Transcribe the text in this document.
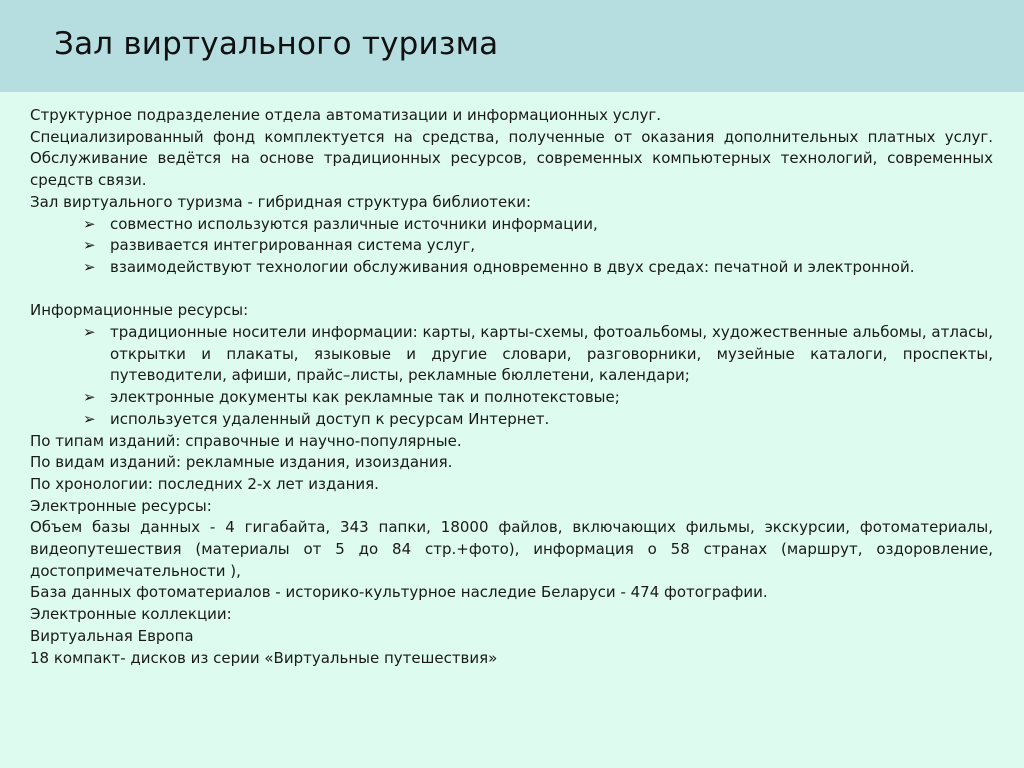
Зал виртуального туризма

Структурное подразделение отдела автоматизации и информационных услуг.

Специализированный фонд комплектуется на средства, полученные от оказания дополнительных платных услуг. Обслуживание ведётся на основе традиционных ресурсов, современных компьютерных технологий, современных средств связи.

Зал виртуального туризма - гибридная структура библиотеки:

➢ совместно используются различные источники информации,
➢ развивается интегрированная система услуг,
➢ взаимодействуют технологии обслуживания одновременно в двух средах: печатной и электронной.

Информационные ресурсы:

➢ традиционные носители информации: карты, карты-схемы, фотоальбомы, художественные альбомы, атласы, открытки и плакаты, языковые и другие словари, разговорники, музейные каталоги, проспекты, путеводители, афиши, прайс–листы, рекламные бюллетени, календари;
➢ электронные документы как рекламные так и полнотекстовые;
➢ используется удаленный доступ к ресурсам Интернет.

По типам изданий: справочные и научно-популярные.

По видам изданий: рекламные издания, изоиздания.

По хронологии: последних 2-х лет издания.

Электронные ресурсы:

Объем базы данных - 4 гигабайта, 343 папки, 18000 файлов, включающих фильмы, экскурсии, фотоматериалы, видеопутешествия (материалы от 5 до 84 стр.+фото), информация о 58 странах (маршрут, оздоровление, достопримечательности ),

База данных фотоматериалов - историко-культурное наследие Беларуси - 474 фотографии.

Электронные коллекции:

Виртуальная Европа

18 компакт- дисков из серии «Виртуальные путешествия»
